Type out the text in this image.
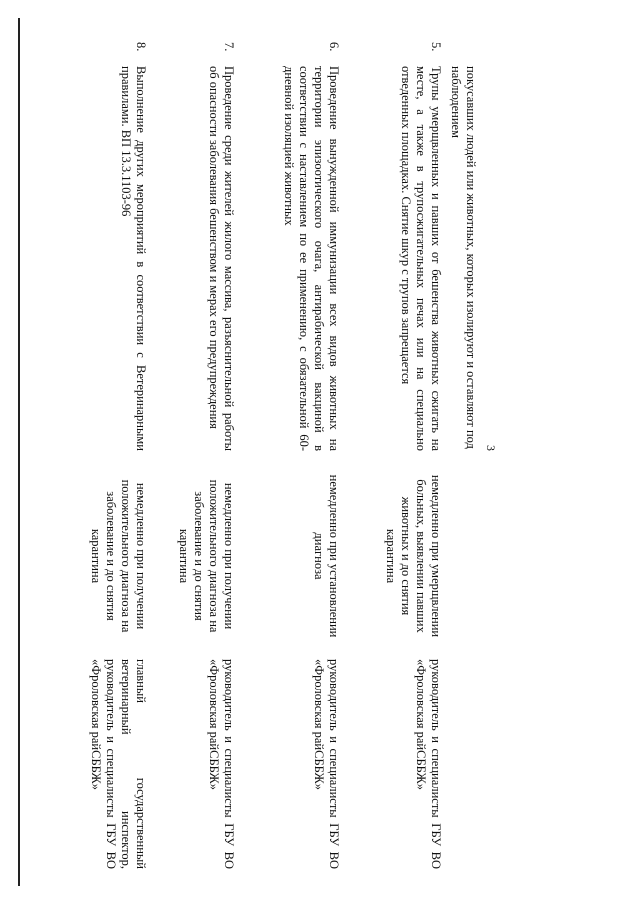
3
покусавших людей или животных, которых изолируют и оставляют под наблюдением
5.
Трупы умерщвленных и павших от бешенства животных сжигать на месте, а также в трупосжигательных печах или на специально отведенных площадках. Снятие шкур с трупов запрещается
немедленно при умерщвлении больных, выявлении павших животных и до снятия карантина
руководитель и специалисты ГБУ ВО «Фроловская райСББЖ»
6.
Проведение вынужденной иммунизации всех видов животных на территории эпизоотического очага, антирабической вакциной в соответствии с наставлением по ее применению, с обязательной 60-дневной изоляцией животных
немедленно при установлении диагноза
руководитель и специалисты ГБУ ВО «Фроловская райСББЖ»
7.
Проведение среди жителей жилого массива, разъяснительной работы об опасности заболевания бешенством и мерах его предупреждения
немедленно при получении положительного диагноза на заболевание и до снятия карантина
руководитель и специалисты ГБУ ВО «Фроловская райСББЖ»
8.
Выполнение других мероприятий в соответствии с Ветеринарными правилами. ВП 13.3.1103-96
немедленно при получении положительного диагноза на заболевание и до снятия карантина
главный государственный ветеринарный инспектор, руководитель и специалисты ГБУ ВО «Фроловская райСББЖ»
